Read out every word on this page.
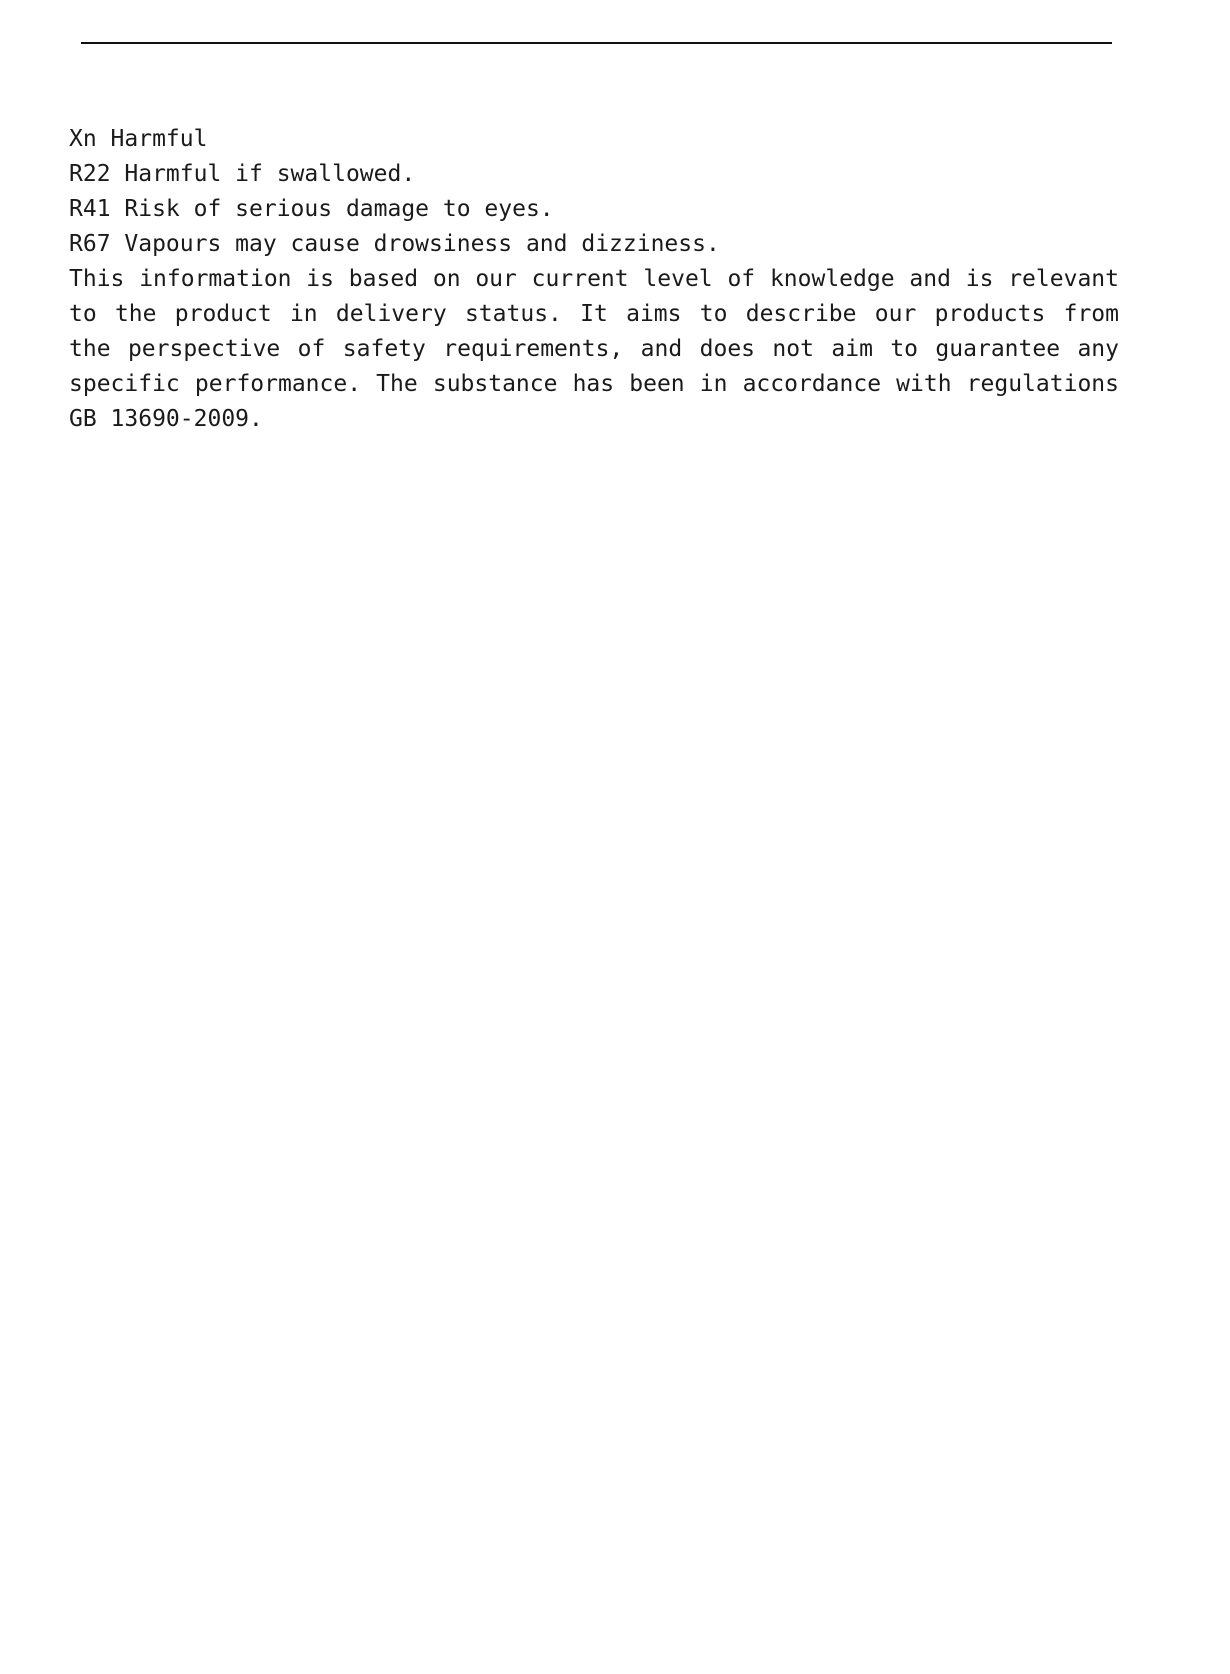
Xn Harmful

R22 Harmful if swallowed.

R41 Risk of serious damage to eyes.

R67 Vapours may cause drowsiness and dizziness.

This information is based on our current level of knowledge and is relevant to the product in delivery status. It aims to describe our products from the perspective of safety requirements, and does not aim to guarantee any specific performance. The substance has been in accordance with regulations GB 13690-2009.
